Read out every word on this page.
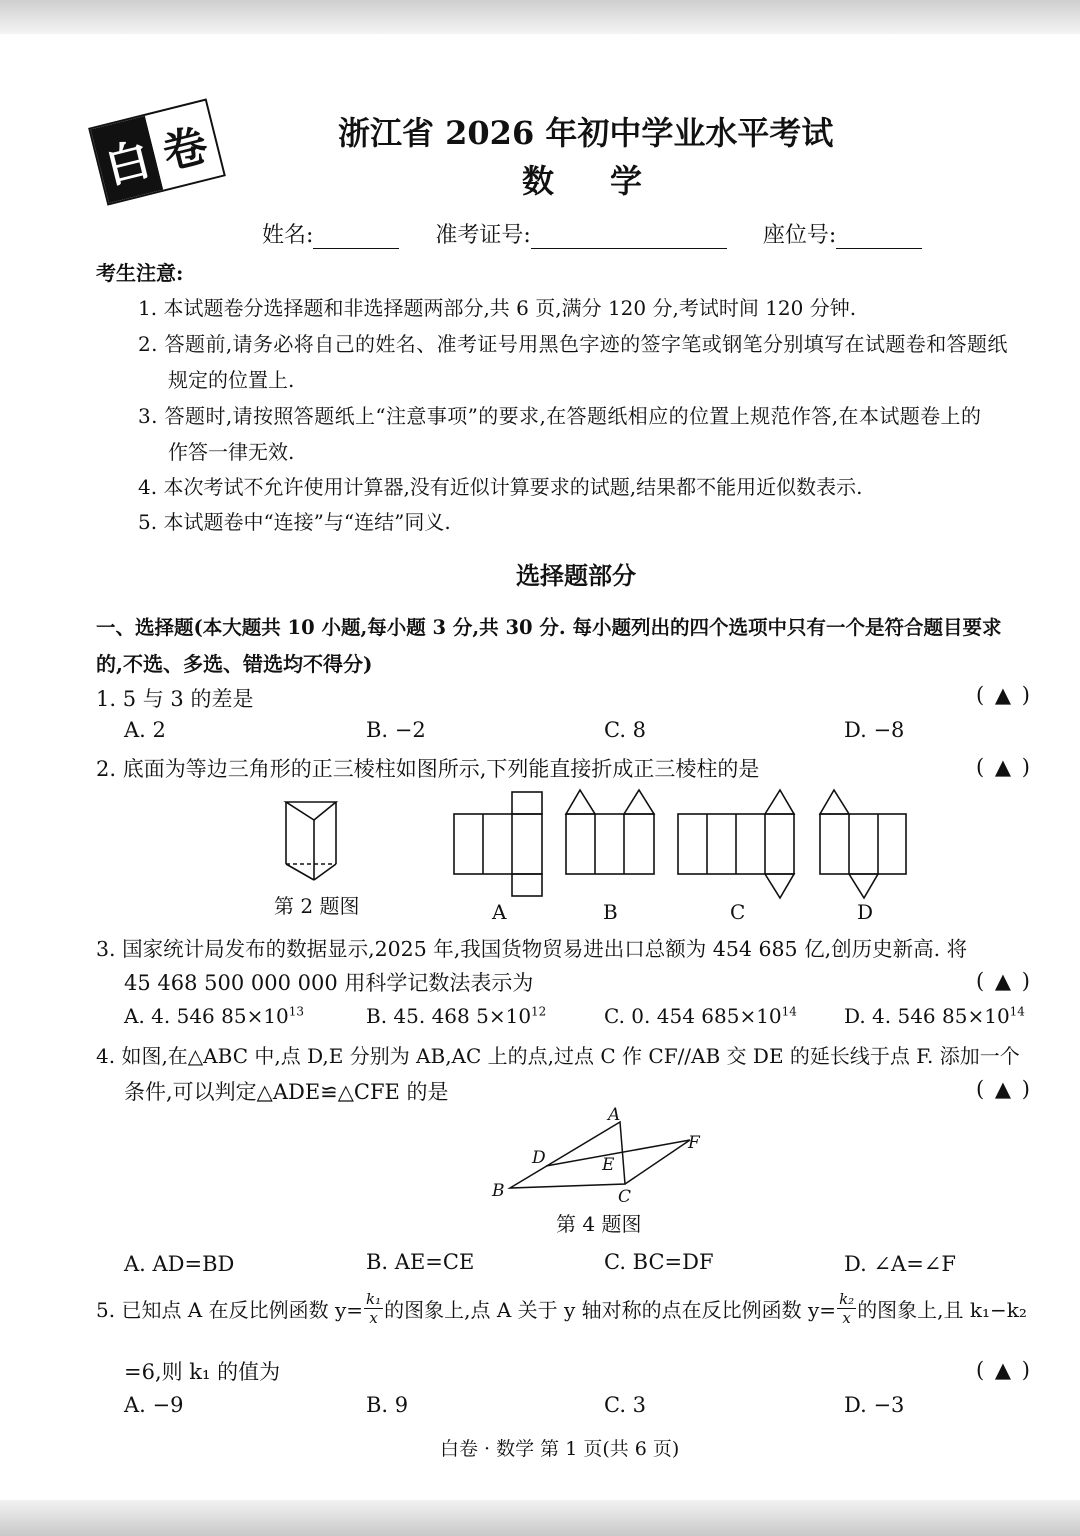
白 卷	浙江省 2026 年初中学业水平考试
数学
姓名:	准考证号:	座位号:
考生注意:
1. 本试题卷分选择题和非选择题两部分,共 6 页,满分 120 分,考试时间 120 分钟.
2. 答题前,请务必将自己的姓名、准考证号用黑色字迹的签字笔或钢笔分别填写在试题卷和答题纸
规定的位置上.
3. 答题时,请按照答题纸上“注意事项”的要求,在答题纸相应的位置上规范作答,在本试题卷上的
作答一律无效.
4. 本次考试不允许使用计算器,没有近似计算要求的试题,结果都不能用近似数表示.
5. 本试题卷中“连接”与“连结”同义.
选择题部分
一、选择题(本大题共 10 小题,每小题 3 分,共 30 分. 每小题列出的四个选项中只有一个是符合题目要求
的,不选、多选、错选均不得分)
1. 5 与 3 的差是	( ▲ )
A. 2	B. −2	C. 8	D. −8
2. 底面为等边三角形的正三棱柱如图所示,下列能直接折成正三棱柱的是	( ▲ )
第 2 题图	A	B	C	D
3. 国家统计局发布的数据显示,2025 年,我国货物贸易进出口总额为 454 685 亿,创历史新高. 将
45 468 500 000 000 用科学记数法表示为	( ▲ )
A. 4. 546 $85\times 10^{13}$	B. 45. 468 $5\times 10^{12}$	C. 0. 454 $685\times 10^{14}$ D. 4. 546 $85\times 10^{14}$
4. 如图,在△ABC 中,点 D,E 分别为 AB,AC 上的点,过点 C 作 CF//AB 交 DE 的延长线于点 F. 添加一个
条件,可以判定△ADE≌△CFE 的是	( ▲ )
A
B	C
D	E
F
第 4 题图
A. AD=BD	B. AE=CE	C. BC=DF	D. ∠A=∠F
5. 已知点 A 在反比例函数 $y= \frac{\text{k₁}}{x}$ 的图象上,点 A 关于 y 轴对称的点在反比例函数 $y= \frac{\text{k₂}}{x}$ 的图象上,且 k₁−k₂
=6,则 k₁ 的值为	( ▲ )
A. −9	B. 9	C. 3	D. −3
白卷 · 数学 第 1 页(共 6 页)
